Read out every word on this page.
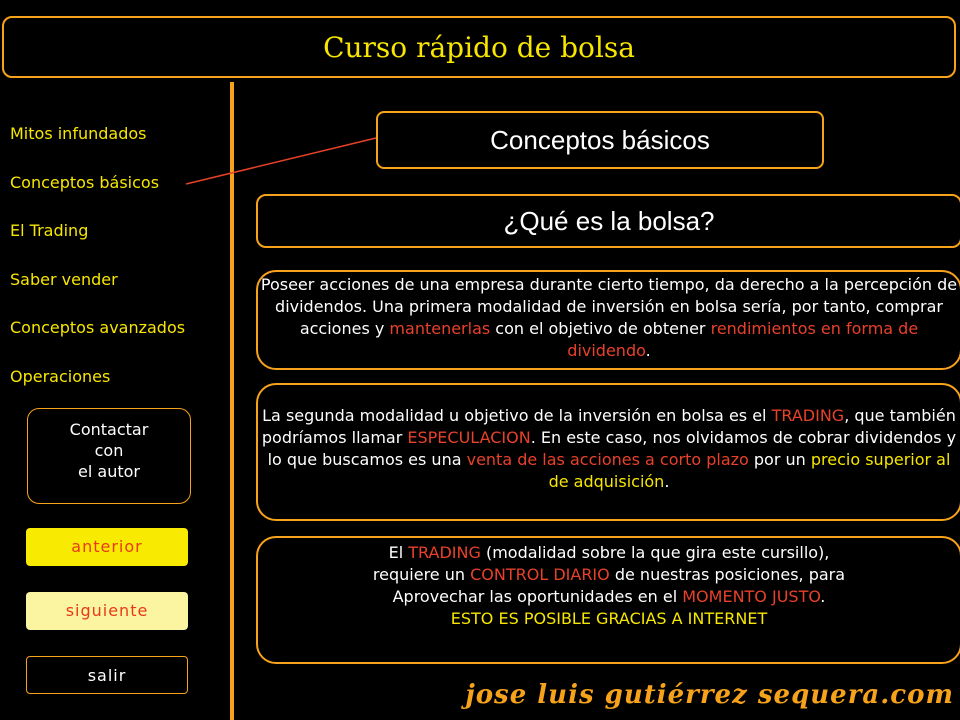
Curso rápido de bolsa
Mitos infundados
Conceptos básicos
El Trading
Saber vender
Conceptos avanzados
Operaciones
Contactar
con
el autor
anterior
siguiente
salir
Conceptos básicos
¿Qué es la bolsa?
Poseer acciones de una empresa durante cierto tiempo, da derecho a la percepción de dividendos. Una primera modalidad de inversión en bolsa sería, por tanto, comprar acciones y mantenerlas con el objetivo de obtener rendimientos en forma de dividendo.
La segunda modalidad u objetivo de la inversión en bolsa es el TRADING, que también podríamos llamar ESPECULACION. En este caso, nos olvidamos de cobrar dividendos y lo que buscamos es una venta de las acciones a corto plazo por un precio superior al de adquisición.
El TRADING (modalidad sobre la que gira este cursillo),
requiere un CONTROL DIARIO de nuestras posiciones, para
Aprovechar las oportunidades en el MOMENTO JUSTO.
ESTO ES POSIBLE GRACIAS A INTERNET
jose luis gutiérrez sequera.com
